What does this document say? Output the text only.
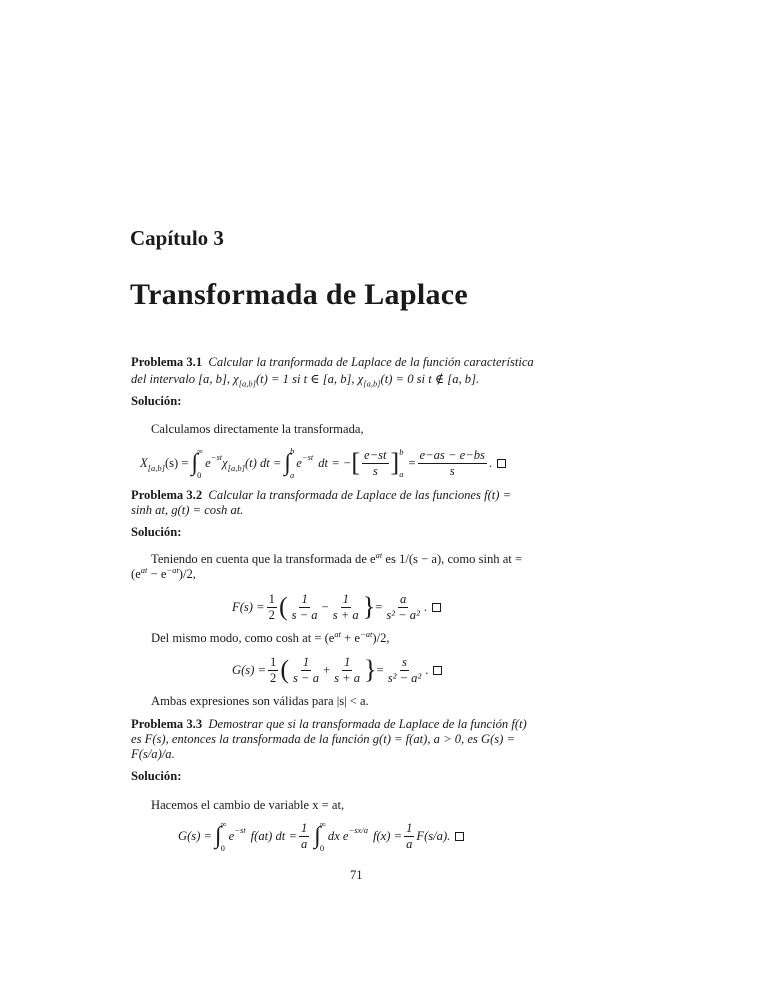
Capítulo 3
Transformada de Laplace
Problema 3.1 Calcular la tranformada de Laplace de la función característica
del intervalo [a, b], $\chi_{[a,b]}(t) = 1$ si t ∈ [a, b], $\chi_{[a,b]}(t) = 0$ si t ∉ [a, b].
Solución:
Calculamos directamente la transformada,
$X_{[a,b]}$ (s) = ∫ ∞
0
$e^{-st}$ $\chi_{[a,b]}$ (t) dt = ∫ b
a
$e^{-st}$ dt = − [ $\frac{e-st}{s}$ ] b
a
= $\frac{e-as - e-bs}{s}$ .
Problema 3.2 Calcular la transformada de Laplace de las funciones f(t) =
sinh at, g(t) = cosh at.
Solución:
Teniendo en cuenta que la transformada de $e^{at}$ es 1/(s − a), como sinh at =
$(e^{at} - e^{-at})/2$,
$F(s) = \frac{1}{2}$ ( $\frac{1}{s - a} - \frac{1}{s + a}$ } = $\frac{a}{\text{s² − a²}}$ .
Del mismo modo, como cosh at = $(e^{at} + e^{-at})/2$,
$G(s) = \frac{1}{2}$ ( $\frac{1}{s - a} + \frac{1}{s + a}$ } = $\frac{s}{\text{s² − a²}}$ .
Ambas expresiones son válidas para |s| < a.
Problema 3.3 Demostrar que si la transformada de Laplace de la función f(t)
es F(s), entonces la transformada de la función g(t) = f(at), a > 0, es G(s) =
F(s/a)/a.
Solución:
Hacemos el cambio de variable x = at,
G(s) = ∫ ∞
0
$e^{-st}$ f(at) dt = $\frac{1}{a}$ ∫ ∞
0
dx $e^{-sx/a}$ $f(x) = \frac{1}{a} F(s/a)$.
71
